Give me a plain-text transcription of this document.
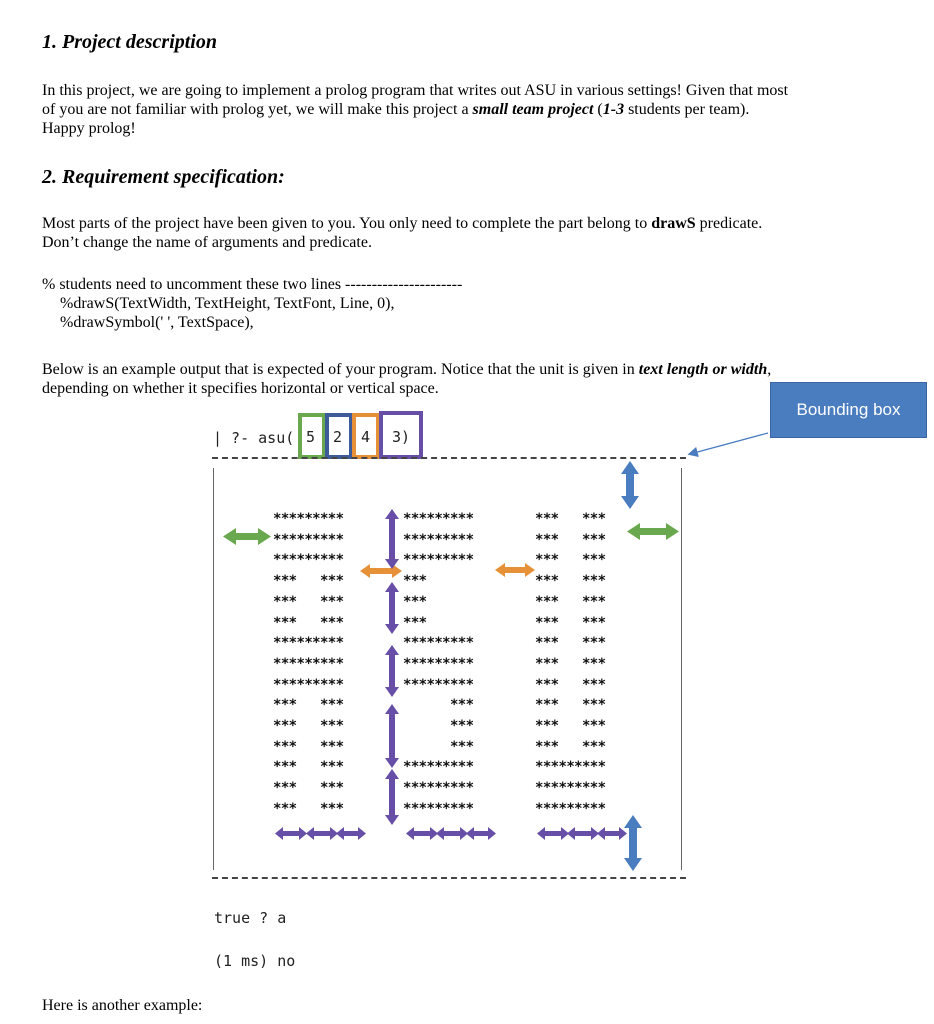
1. Project description
In this project, we are going to implement a prolog program that writes out ASU in various settings! Given that most
of you are not familiar with prolog yet, we will make this project a small team project (1-3 students per team).
Happy prolog!
2. Requirement specification:
Most parts of the project have been given to you. You only need to complete the part belong to drawS predicate.
Don’t change the name of arguments and predicate.
% students need to uncomment these two lines ----------------------
%drawS(TextWidth, TextHeight, TextFont, Line, 0),
%drawSymbol(' ', TextSpace),
Below is an example output that is expected of your program. Notice that the unit is given in text length or width,
depending on whether it specifies horizontal or vertical space.
Bounding box
| ?- asu( 5 2 4 3)
*********
*********
*********
***   ***
***   ***
***   ***
*********
*********
*********
***   ***
***   ***
***   ***
***   ***
***   ***
***   ***
*********
*********
*********
***
***
***
*********
*********
*********
***
***
***
*********
*********
*********
***   ***
***   ***
***   ***
***   ***
***   ***
***   ***
***   ***
***   ***
***   ***
***   ***
***   ***
***   ***
*********
*********
*********
true ? a
(1 ms) no
Here is another example:
